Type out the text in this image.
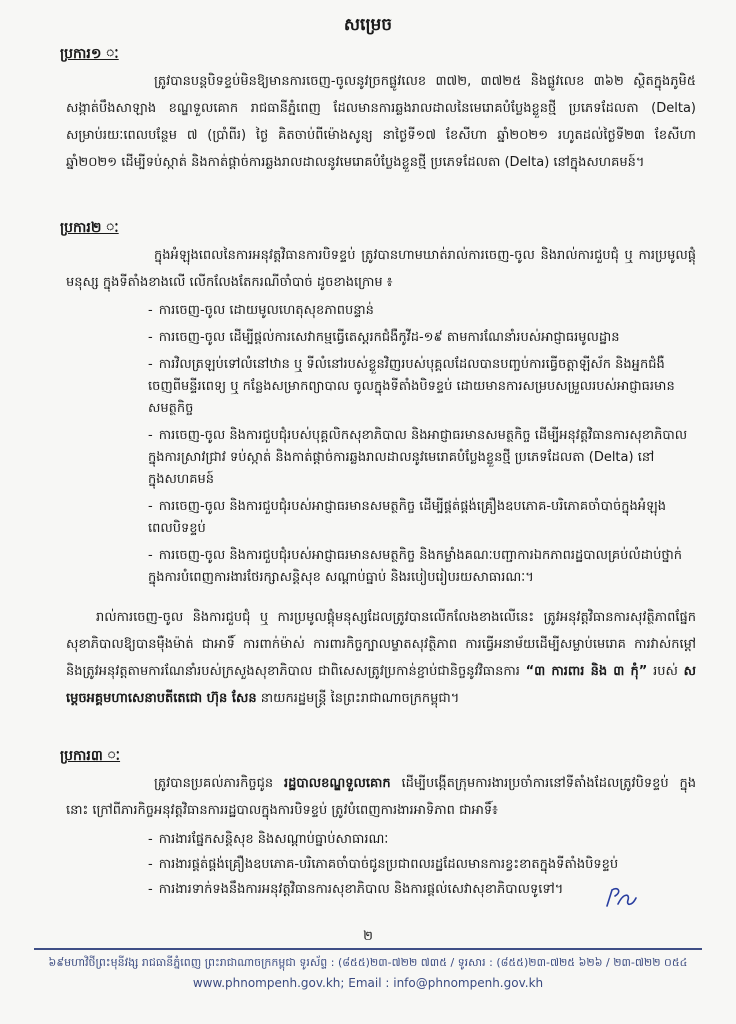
សម្រេច
ប្រការ១ ៈ
ត្រូវបានបន្តបិទខ្ទប់មិនឱ្យមានការចេញ-ចូលនូវច្រកផ្លូវលេខ ៣៧២, ៣៧២៥ និងផ្លូវលេខ ៣៦២ ស្ថិតក្នុងភូមិ៥ សង្កាត់បឹងសាឡាង ខណ្ឌទួលគោក រាជធានីភ្នំពេញ ដែលមានការឆ្លងរាលដាលនៃមេរោគបំប្លែងខ្លួនថ្មី ប្រភេទដែលតា (Delta) សម្រាប់រយៈពេលបន្ថែម ៧ (ប្រាំពីរ) ថ្ងៃ គិតចាប់ពីម៉ោងសូន្យ នាថ្ងៃទី១៧ ខែសីហា ឆ្នាំ២០២១ រហូតដល់ថ្ងៃទី២៣ ខែសីហា ឆ្នាំ២០២១ ដើម្បីទប់ស្កាត់ និងកាត់ផ្តាច់ការឆ្លងរាលដាលនូវមេរោគបំប្លែងខ្លួនថ្មី ប្រភេទដែលតា (Delta) នៅក្នុងសហគមន៍។
ប្រការ២ ៈ
ក្នុងអំឡុងពេលនៃការអនុវត្តវិធានការបិទខ្ទប់ ត្រូវបានហាមឃាត់រាល់ការចេញ-ចូល និងរាល់ការជួបជុំ ឬ ការប្រមូលផ្តុំមនុស្ស ក្នុងទីតាំងខាងលើ លើកលែងតែករណីចាំបាច់ ដូចខាងក្រោម ៖
- ការចេញ-ចូល ដោយមូលហេតុសុខភាពបន្ទាន់
- ការចេញ-ចូល ដើម្បីផ្តល់ការសេវាកម្មធ្វើតេស្តរកជំងឺកូវីដ-១៩ តាមការណែនាំរបស់អាជ្ញាធរមូលដ្ឋាន
- ការវិលត្រឡប់ទៅលំនៅឋាន ឬ ទីលំនៅរបស់ខ្លួនវិញរបស់បុគ្គលដែលបានបញ្ចប់ការធ្វើចត្តាឡីស័ក និងអ្នកជំងឺចេញពីមន្ទីរពេទ្យ ឬ កន្លែងសម្រាកព្យាបាល ចូលក្នុងទីតាំងបិទខ្ទប់ ដោយមានការសម្របសម្រួលរបស់អាជ្ញាធរមានសមត្ថកិច្ច
- ការចេញ-ចូល និងការជួបជុំរបស់បុគ្គលិកសុខាភិបាល និងអាជ្ញាធរមានសមត្ថកិច្ច ដើម្បីអនុវត្តវិធានការសុខាភិបាល ក្នុងការស្រាវជ្រាវ ទប់ស្កាត់ និងកាត់ផ្តាច់ការឆ្លងរាលដាលនូវមេរោគបំប្លែងខ្លួនថ្មី ប្រភេទដែលតា (Delta) នៅក្នុងសហគមន៍
- ការចេញ-ចូល និងការជួបជុំរបស់អាជ្ញាធរមានសមត្ថកិច្ច ដើម្បីផ្គត់ផ្គង់គ្រឿងឧបភោគ-បរិភោគចាំបាច់ក្នុងអំឡុងពេលបិទខ្ទប់
- ការចេញ-ចូល និងការជួបជុំរបស់អាជ្ញាធរមានសមត្ថកិច្ច និងកម្លាំងគណៈបញ្ជាការឯកភាពរដ្ឋបាលគ្រប់លំដាប់ថ្នាក់ ក្នុងការបំពេញការងារថែរក្សាសន្តិសុខ សណ្តាប់ធ្នាប់ និងរបៀបរៀបរយសាធារណៈ។
រាល់ការចេញ-ចូល និងការជួបជុំ ឬ ការប្រមូលផ្តុំមនុស្សដែលត្រូវបានលើកលែងខាងលើនេះ ត្រូវអនុវត្តវិធានការសុវត្ថិភាពផ្នែកសុខាភិបាលឱ្យបានម៉ឺងម៉ាត់ ជាអាទិ៍ ការពាក់ម៉ាស់ ការពារកិច្ចក្បាលម្ខាតសុវត្ថិភាព ការធ្វើអនាម័យដើម្បីសម្លាប់មេរោគ ការវាស់កម្តៅ និងត្រូវអនុវត្តតាមការណែនាំរបស់ក្រសួងសុខាភិបាល ជាពិសេសត្រូវប្រកាន់ខ្ជាប់ជានិច្ចនូវវិធានការ “៣ ការពារ និង ៣ កុំ” របស់ សម្តេចអគ្គមហាសេនាបតីតេជោ ហ៊ុន សែន នាយករដ្ឋមន្ត្រី នៃព្រះរាជាណាចក្រកម្ពុជា។
ប្រការ៣ ៈ
ត្រូវបានប្រគល់ភារកិច្ចជូន រដ្ឋបាលខណ្ឌទួលគោក ដើម្បីបង្កើតក្រុមការងារប្រចាំការនៅទីតាំងដែលត្រូវបិទខ្ទប់ ក្នុងនោះ ក្រៅពីភារកិច្ចអនុវត្តវិធានការរដ្ឋបាលក្នុងការបិទខ្ទប់ ត្រូវបំពេញការងារអាទិភាព ជាអាទិ៍៖
- ការងារផ្នែកសន្តិសុខ និងសណ្តាប់ធ្នាប់សាធារណៈ
- ការងារផ្គត់ផ្គង់គ្រឿងឧបភោគ-បរិភោគចាំបាច់ជូនប្រជាពលរដ្ឋដែលមានការខ្វះខាតក្នុងទីតាំងបិទខ្ទប់
- ការងារទាក់ទងនឹងការអនុវត្តវិធានការសុខាភិបាល និងការផ្តល់សេវាសុខាភិបាលទូទៅ។
២
៦៩មហាវិថីព្រះមុនីវង្ស រាជធានីភ្នំពេញ ព្រះរាជាណាចក្រកម្ពុជា ទូរស័ព្ទ : (៨៥៥)២៣-៧២២ ៧៣៥ / ទូរសារ : (៨៥៥)២៣-៧២៥ ៦២៦ / ២៣-៧២២ ០៥៤
www.phnompenh.gov.kh; Email : info@phnompenh.gov.kh
